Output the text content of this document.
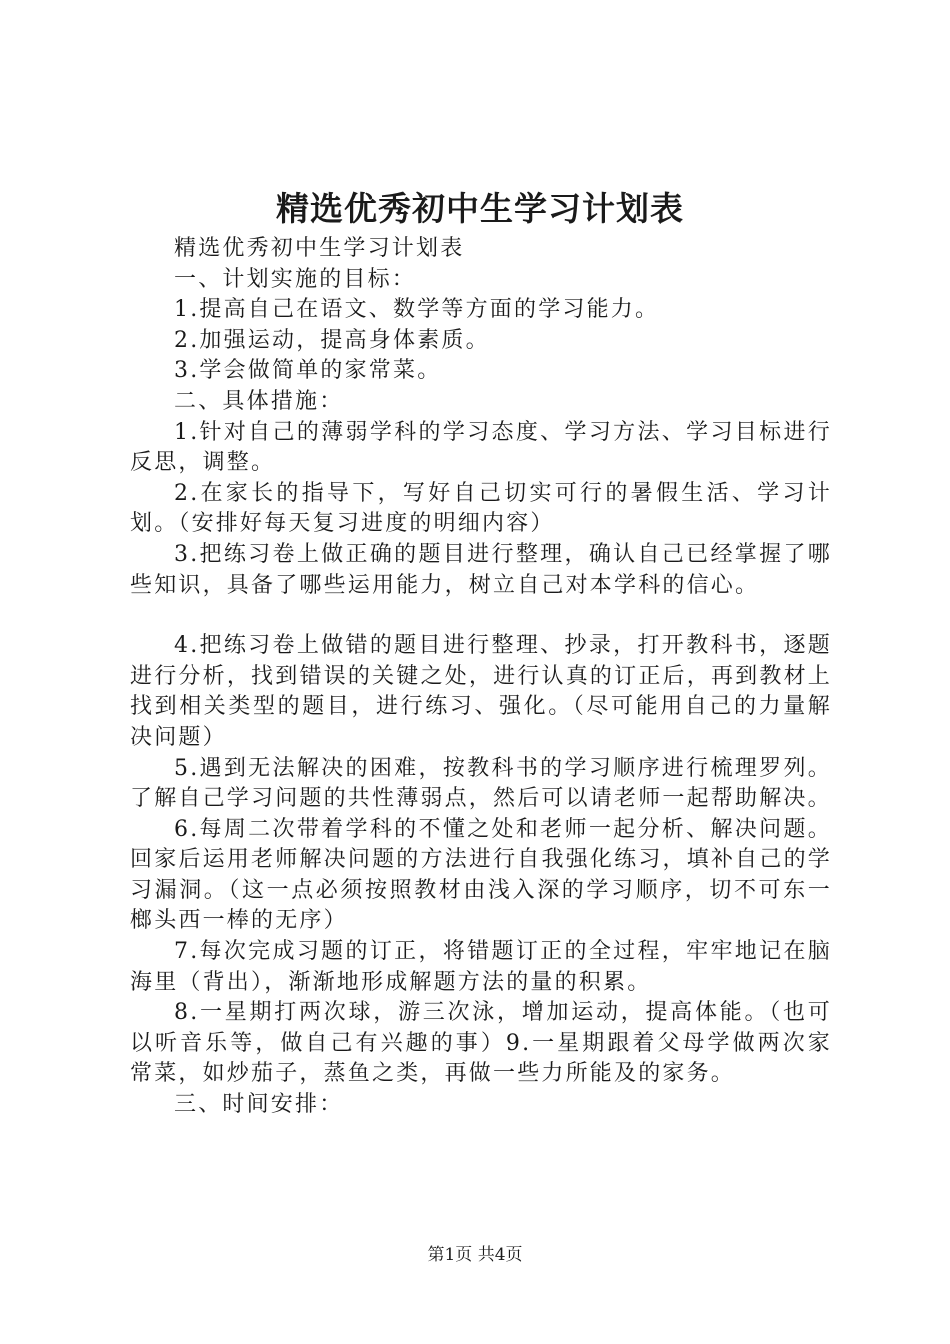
精选优秀初中生学习计划表

精选优秀初中生学习计划表

一、计划实施的目标：

1.提高自己在语文、数学等方面的学习能力。

2.加强运动，提高身体素质。

3.学会做简单的家常菜。

二、具体措施：

1.针对自己的薄弱学科的学习态度、学习方法、学习目标进行反思，调整。

2.在家长的指导下，写好自己切实可行的暑假生活、学习计划。（安排好每天复习进度的明细内容）

3.把练习卷上做正确的题目进行整理，确认自己已经掌握了哪些知识，具备了哪些运用能力，树立自己对本学科的信心。

4.把练习卷上做错的题目进行整理、抄录，打开教科书，逐题进行分析，找到错误的关键之处，进行认真的订正后，再到教材上找到相关类型的题目，进行练习、强化。（尽可能用自己的力量解决问题）

5.遇到无法解决的困难，按教科书的学习顺序进行梳理罗列。了解自己学习问题的共性薄弱点，然后可以请老师一起帮助解决。

6.每周二次带着学科的不懂之处和老师一起分析、解决问题。回家后运用老师解决问题的方法进行自我强化练习，填补自己的学习漏洞。（这一点必须按照教材由浅入深的学习顺序，切不可东一榔头西一棒的无序）

7.每次完成习题的订正，将错题订正的全过程，牢牢地记在脑海里（背出），渐渐地形成解题方法的量的积累。

8.一星期打两次球，游三次泳，增加运动，提高体能。（也可以听音乐等，做自己有兴趣的事）9.一星期跟着父母学做两次家常菜，如炒茄子，蒸鱼之类，再做一些力所能及的家务。

三、时间安排：

第1页 共4页
